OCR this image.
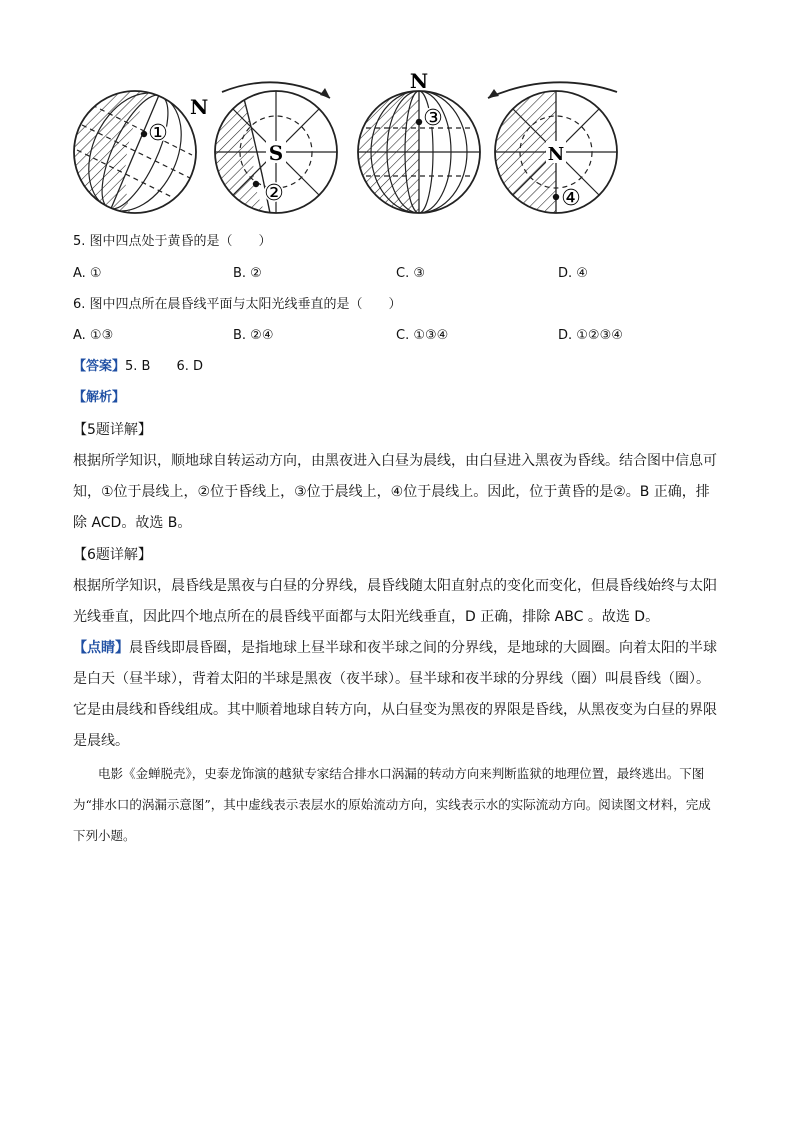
①
N
S
②
N
③
N
④
5. 图中四点处于黄昏的是（　　）
A. ①	B. ②	C. ③	D. ④
6. 图中四点所在晨昏线平面与太阳光线垂直的是（　　）
A. ①③	B. ②④	C. ①③④	D. ①②③④
【答案】5. B　　6. D
【解析】
【5题详解】

根据所学知识，顺地球自转运动方向，由黑夜进入白昼为晨线，由白昼进入黑夜为昏线。结合图中信息可知，①位于晨线上，②位于昏线上，③位于晨线上，④位于晨线上。因此，位于黄昏的是②。B 正确，排除 ACD。故选 B。

【6题详解】

根据所学知识，晨昏线是黑夜与白昼的分界线，晨昏线随太阳直射点的变化而变化，但晨昏线始终与太阳光线垂直，因此四个地点所在的晨昏线平面都与太阳光线垂直，D 正确，排除 ABC 。故选 D。

【点睛】晨昏线即晨昏圈，是指地球上昼半球和夜半球之间的分界线，是地球的大圆圈。向着太阳的半球是白天（昼半球），背着太阳的半球是黑夜（夜半球）。昼半球和夜半球的分界线（圈）叫晨昏线（圈）。它是由晨线和昏线组成。其中顺着地球自转方向，从白昼变为黑夜的界限是昏线，从黑夜变为白昼的界限是晨线。

　　电影《金蝉脱壳》，史泰龙饰演的越狱专家结合排水口涡漏的转动方向来判断监狱的地理位置，最终逃出。下图为“排水口的涡漏示意图”，其中虚线表示表层水的原始流动方向，实线表示水的实际流动方向。阅读图文材料，完成下列小题。
